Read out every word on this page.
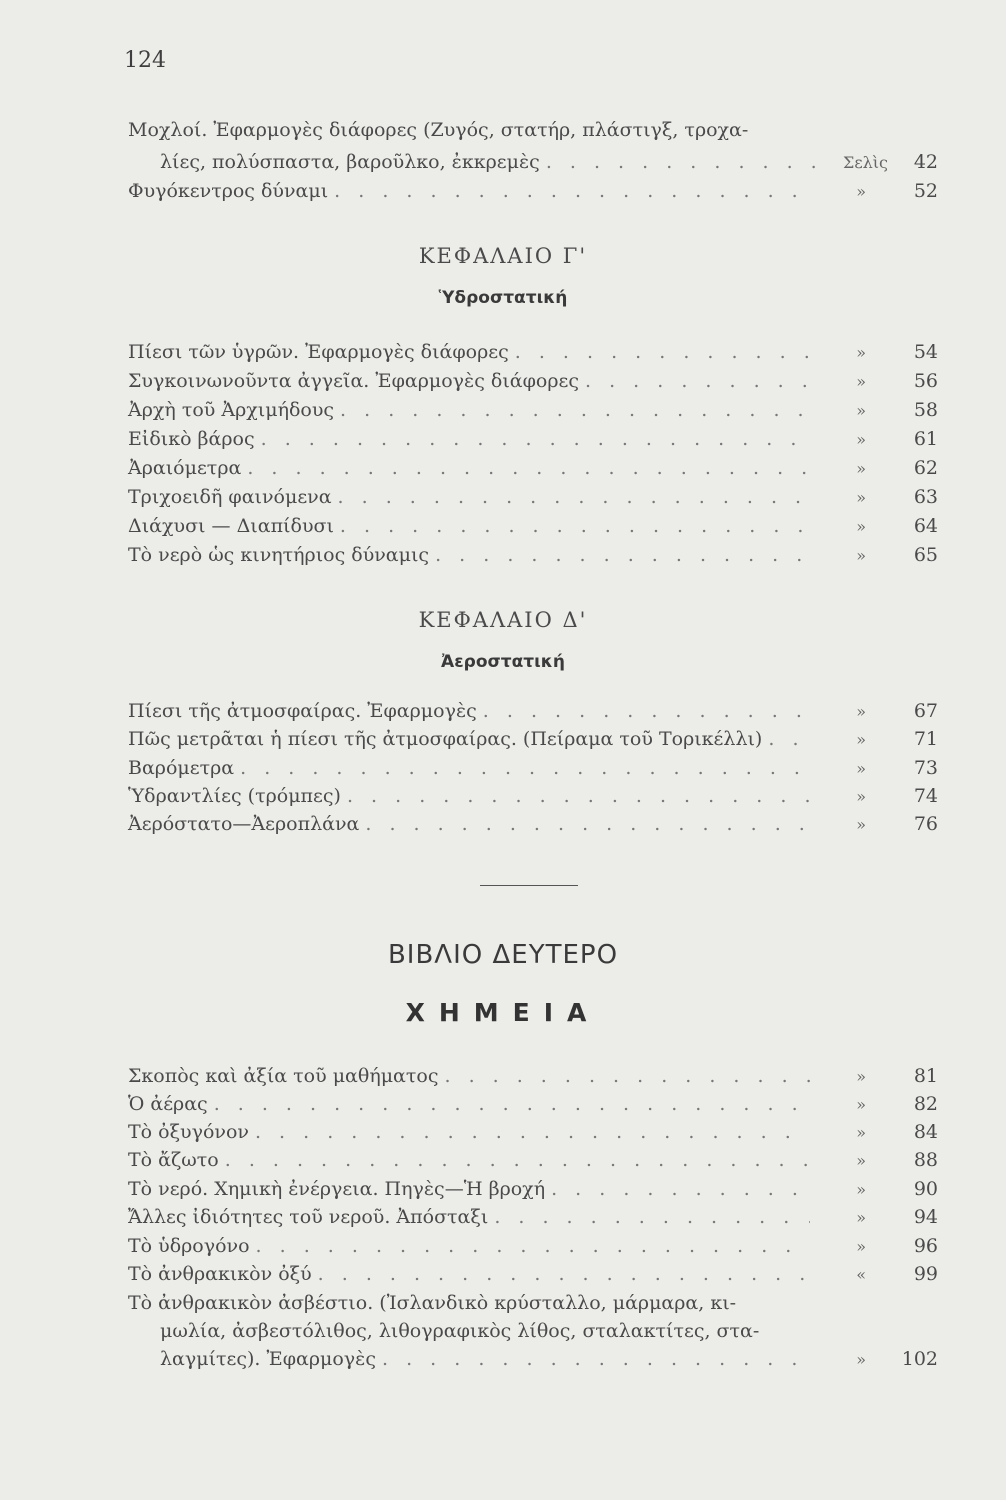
124
Μοχλοί. Ἐφαρμογὲς διάφορες (Ζυγός, στατήρ, πλάστιγξ, τροχα-
λίες, πολύσπαστα, βαροῦλκο, ἐκκρεμὲς . . .	Σελὶς	42
Φυγόκεντρος δύναμι . . .	»	52
ΚΕΦΑΛΑΙΟ Γ'
Ὑδροστατική
Πίεσι τῶν ὑγρῶν. Ἐφαρμογὲς διάφορες . . .	»	54
Συγκοινωνοῦντα ἀγγεῖα. Ἐφαρμογὲς διάφορες . . .	»	56
Ἀρχὴ τοῦ Ἀρχιμήδους . . .	»	58
Εἰδικὸ βάρος . . .	»	61
Ἀραιόμετρα . . .	»	62
Τριχοειδῆ φαινόμενα . . .	»	63
Διάχυσι — Διαπίδυσι . . .	»	64
Τὸ νερὸ ὡς κινητήριος δύναμις . . .	»	65
ΚΕΦΑΛΑΙΟ Δ'
Ἀεροστατική
Πίεσι τῆς ἀτμοσφαίρας. Ἐφαρμογὲς . . .	»	67
Πῶς μετρᾶται ἡ πίεσι τῆς ἀτμοσφαίρας. (Πείραμα τοῦ Τορικέλλι) . . .	»	71
Βαρόμετρα . . .	»	73
Ὑδραντλίες (τρόμπες) . . .	»	74
Ἀερόστατο—Ἀεροπλάνα . . .	»	76
ΒΙΒΛΙΟ ΔΕΥΤΕΡΟ
ΧΗΜΕΙΑ
Σκοπὸς καὶ ἀξία τοῦ μαθήματος . . .	»	81
Ὁ ἀέρας . . .	»	82
Τὸ ὀξυγόνον . . .	»	84
Τὸ ἄζωτο . . .	»	88
Τὸ νερό. Χημικὴ ἐνέργεια. Πηγὲς—Ἡ βροχή . . .	»	90
Ἄλλες ἰδιότητες τοῦ νεροῦ. Ἀπόσταξι . . .	»	94
Τὸ ὑδρογόνο . . .	»	96
Τὸ ἀνθρακικὸν ὀξύ . . .	«	99
Τὸ ἀνθρακικὸν ἀσβέστιο. (Ἰσλανδικὸ κρύσταλλο, μάρμαρα, κι-
μωλία, ἀσβεστόλιθος, λιθογραφικὸς λίθος, σταλακτίτες, στα-
λαγμίτες). Ἐφαρμογὲς . . .	»	102
